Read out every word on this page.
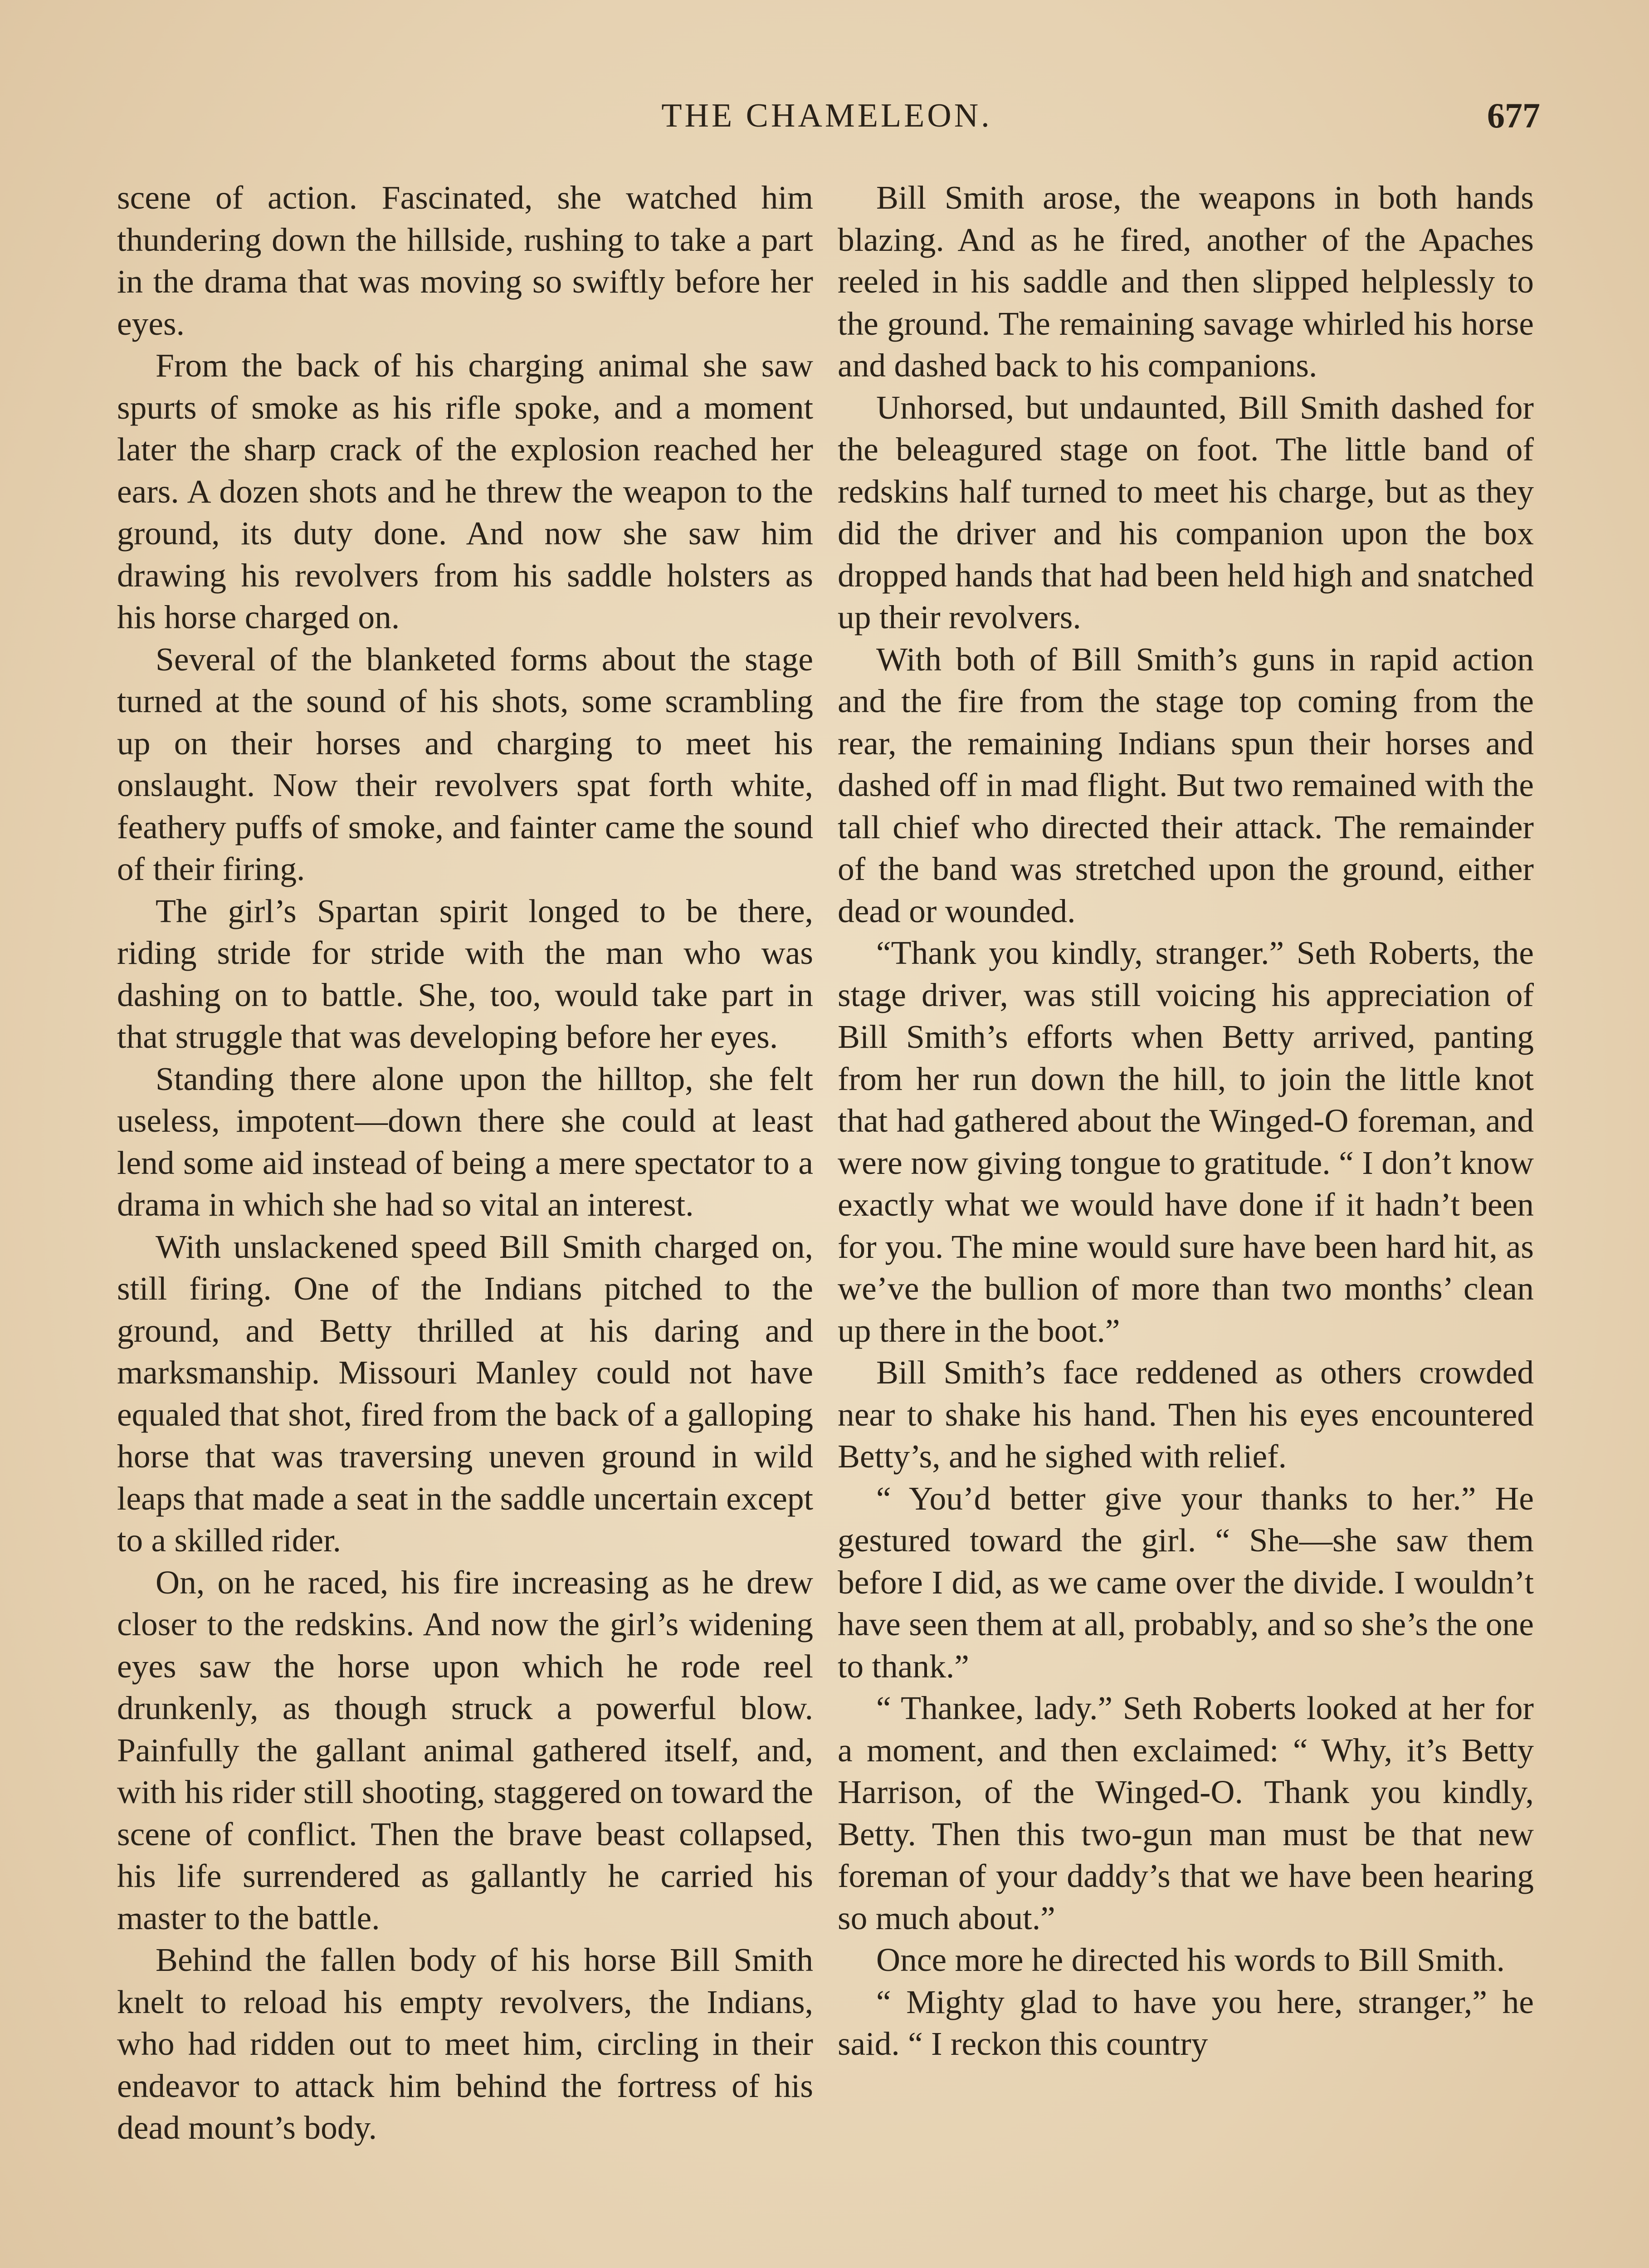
THE CHAMELEON.	677

scene of action. Fascinated, she watched him thundering down the hillside, rushing to take a part in the drama that was moving so swiftly before her eyes.

From the back of his charging animal she saw spurts of smoke as his rifle spoke, and a moment later the sharp crack of the explosion reached her ears. A dozen shots and he threw the weapon to the ground, its duty done. And now she saw him drawing his revolvers from his saddle holsters as his horse charged on.

Several of the blanketed forms about the stage turned at the sound of his shots, some scrambling up on their horses and charging to meet his onslaught. Now their revolvers spat forth white, feathery puffs of smoke, and fainter came the sound of their firing.

The girl’s Spartan spirit longed to be there, riding stride for stride with the man who was dashing on to battle. She, too, would take part in that struggle that was developing before her eyes.

Standing there alone upon the hilltop, she felt useless, impotent—down there she could at least lend some aid instead of being a mere spectator to a drama in which she had so vital an interest.

With unslackened speed Bill Smith charged on, still firing. One of the Indians pitched to the ground, and Betty thrilled at his daring and marksmanship. Missouri Manley could not have equaled that shot, fired from the back of a galloping horse that was traversing uneven ground in wild leaps that made a seat in the saddle uncertain except to a skilled rider.

On, on he raced, his fire increasing as he drew closer to the redskins. And now the girl’s widening eyes saw the horse upon which he rode reel drunkenly, as though struck a powerful blow. Painfully the gallant animal gathered itself, and, with his rider still shooting, staggered on toward the scene of conflict. Then the brave beast collapsed, his life surrendered as gallantly he carried his master to the battle.

Behind the fallen body of his horse Bill Smith knelt to reload his empty revolvers, the Indians, who had ridden out to meet him, circling in their endeavor to attack him behind the fortress of his dead mount’s body.

Bill Smith arose, the weapons in both hands blazing. And as he fired, another of the Apaches reeled in his saddle and then slipped helplessly to the ground. The remaining savage whirled his horse and dashed back to his companions.

Unhorsed, but undaunted, Bill Smith dashed for the beleagured stage on foot. The little band of redskins half turned to meet his charge, but as they did the driver and his companion upon the box dropped hands that had been held high and snatched up their revolvers.

With both of Bill Smith’s guns in rapid action and the fire from the stage top coming from the rear, the remaining Indians spun their horses and dashed off in mad flight. But two remained with the tall chief who directed their attack. The remainder of the band was stretched upon the ground, either dead or wounded.

“Thank you kindly, stranger.” Seth Roberts, the stage driver, was still voicing his appreciation of Bill Smith’s efforts when Betty arrived, panting from her run down the hill, to join the little knot that had gathered about the Winged-O foreman, and were now giving tongue to gratitude. “ I don’t know exactly what we would have done if it hadn’t been for you. The mine would sure have been hard hit, as we’ve the bullion of more than two months’ clean up there in the boot.”

Bill Smith’s face reddened as others crowded near to shake his hand. Then his eyes encountered Betty’s, and he sighed with relief.

“ You’d better give your thanks to her.” He gestured toward the girl. “ She—she saw them before I did, as we came over the divide. I wouldn’t have seen them at all, probably, and so she’s the one to thank.”

“ Thankee, lady.” Seth Roberts looked at her for a moment, and then exclaimed: “ Why, it’s Betty Harrison, of the Winged-O. Thank you kindly, Betty. Then this two-gun man must be that new foreman of your daddy’s that we have been hearing so much about.”

Once more he directed his words to Bill Smith.

“ Mighty glad to have you here, stranger,” he said. “ I reckon this country
